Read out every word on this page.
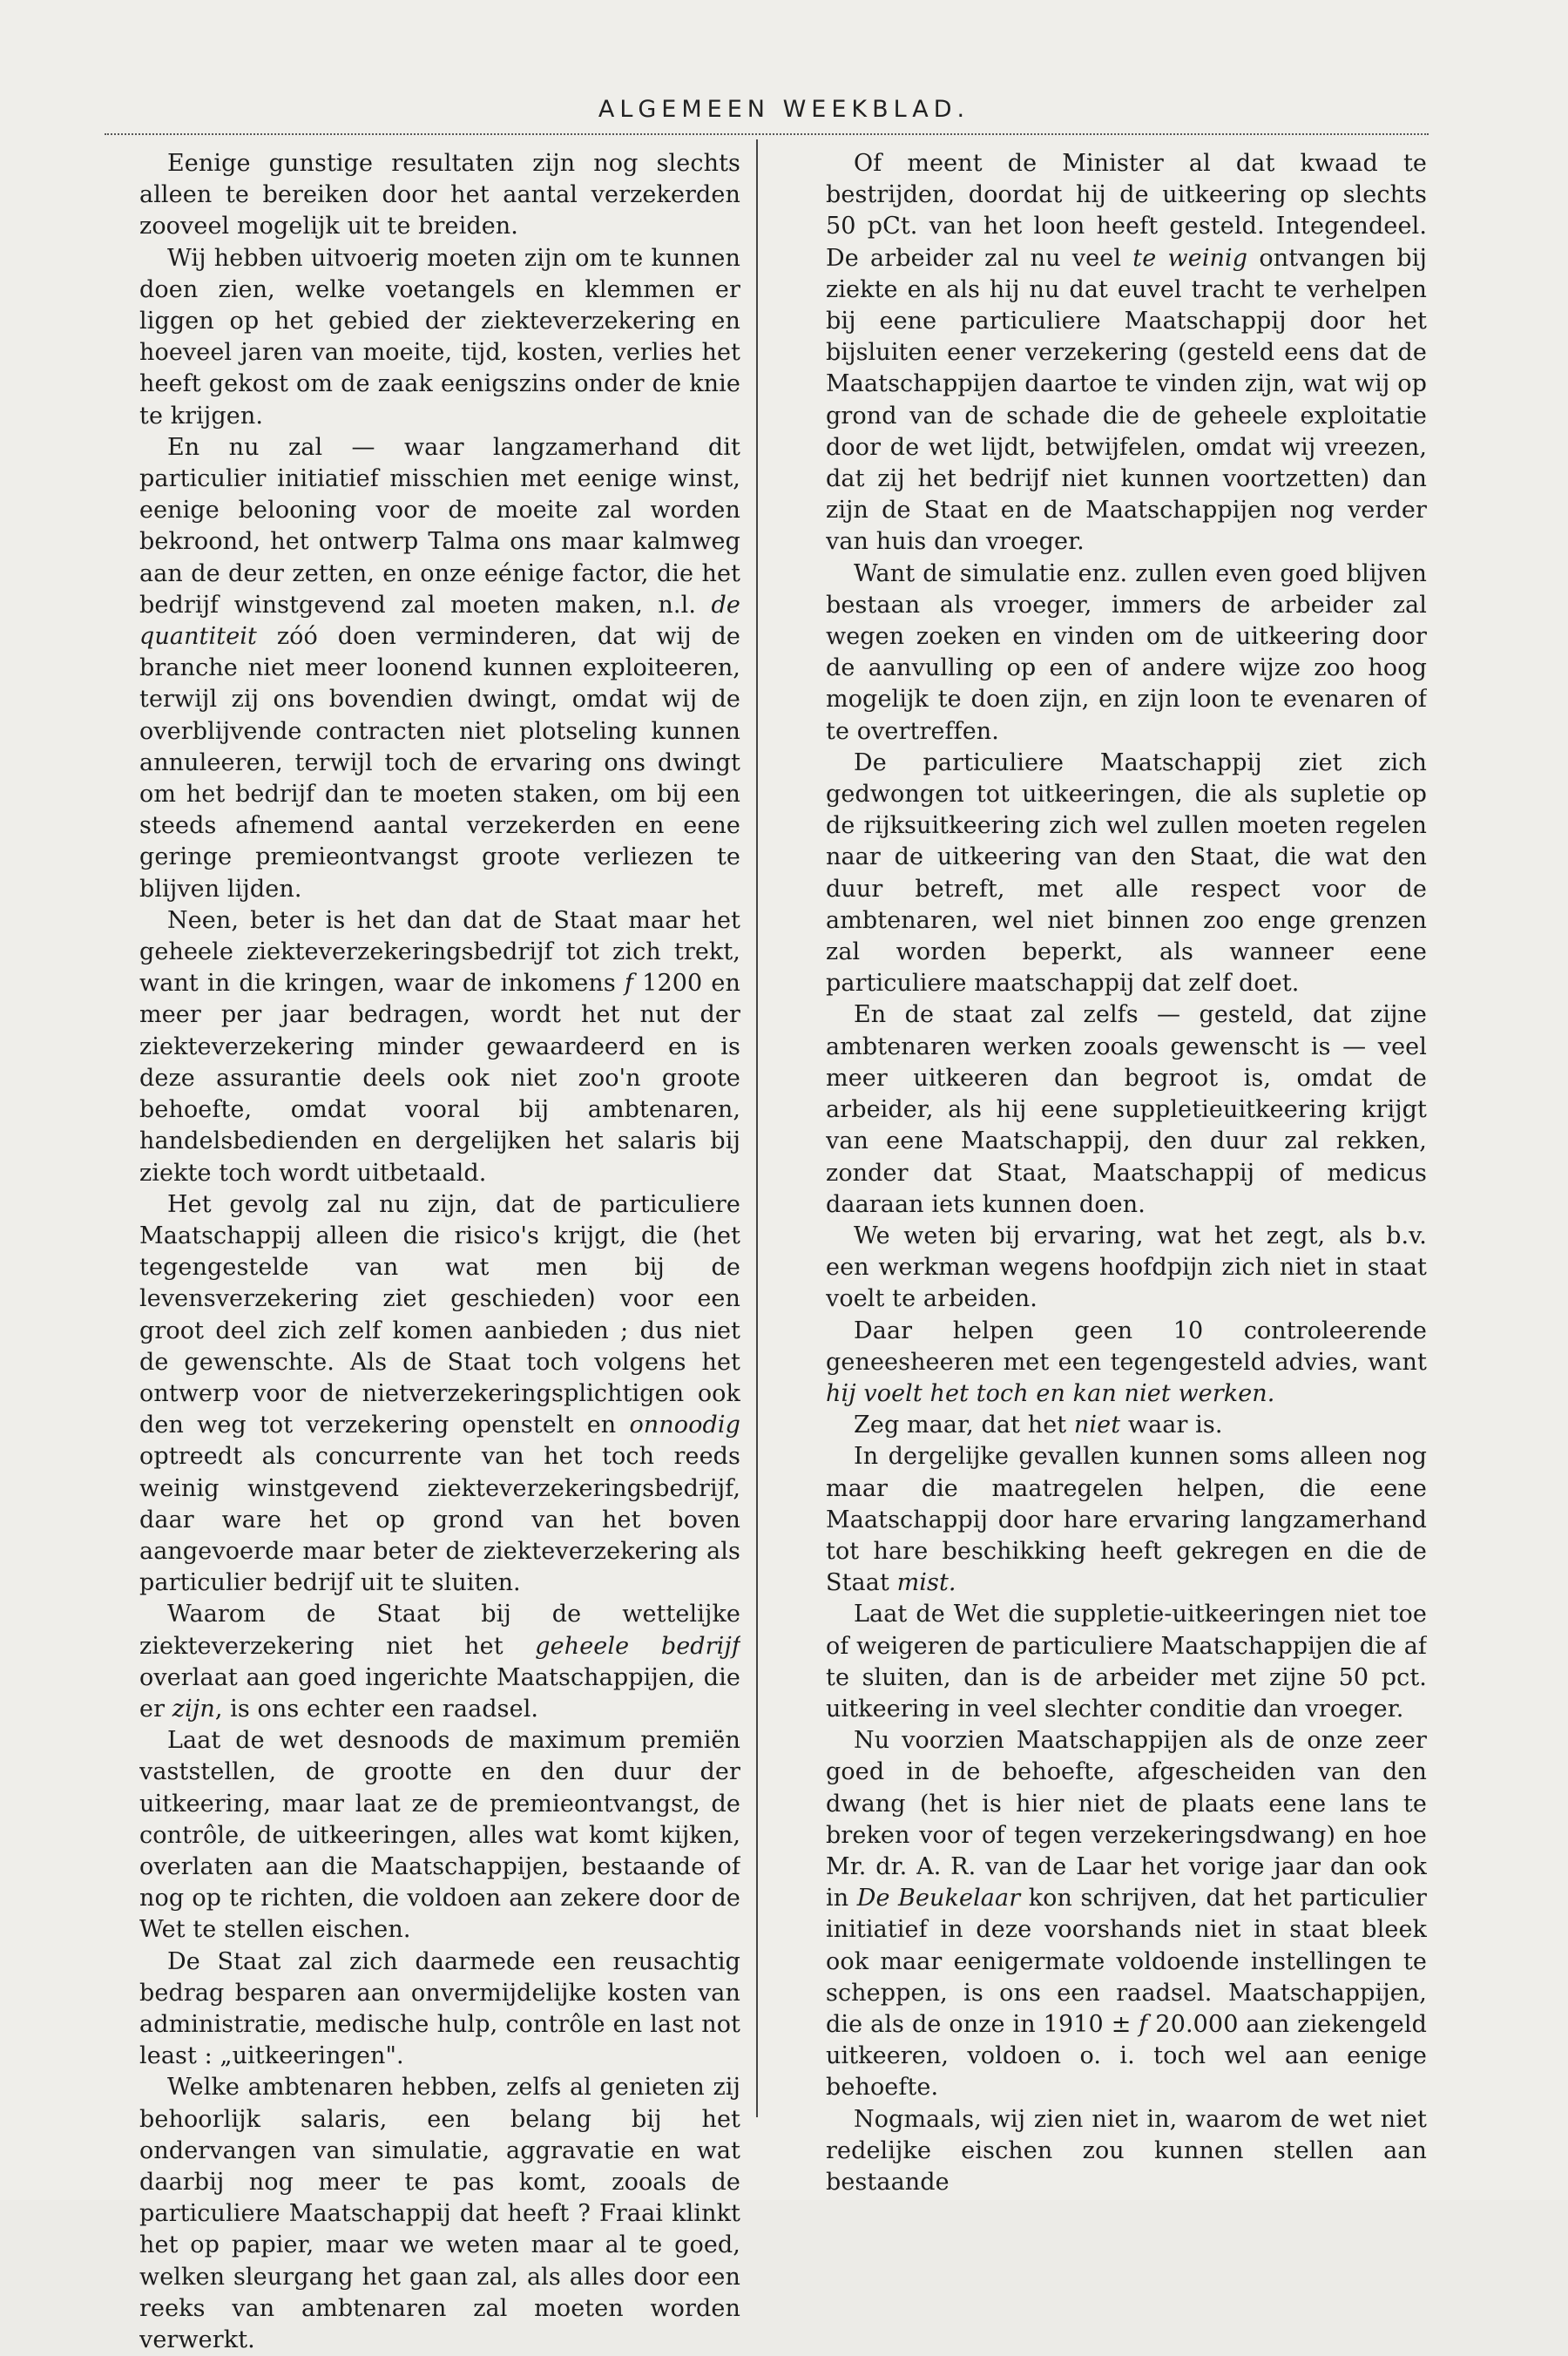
ALGEMEEN WEEKBLAD.

Eenige gunstige resultaten zijn nog slechts alleen te bereiken door het aantal verzekerden zooveel mogelijk uit te breiden.

Wij hebben uitvoerig moeten zijn om te kunnen doen zien, welke voetangels en klemmen er liggen op het gebied der ziekteverzekering en hoeveel jaren van moeite, tijd, kosten, verlies het heeft gekost om de zaak eenigszins onder de knie te krijgen.

En nu zal — waar langzamerhand dit particulier initiatief misschien met eenige winst, eenige belooning voor de moeite zal worden bekroond, het ontwerp Talma ons maar kalmweg aan de deur zetten, en onze eénige factor, die het bedrijf winstgevend zal moeten maken, n.l. de quantiteit zóó doen verminderen, dat wij de branche niet meer loonend kunnen exploiteeren, terwijl zij ons bovendien dwingt, omdat wij de overblijvende contracten niet plotseling kunnen annuleeren, terwijl toch de ervaring ons dwingt om het bedrijf dan te moeten staken, om bij een steeds afnemend aantal verzekerden en eene geringe premieontvangst groote verliezen te blijven lijden.

Neen, beter is het dan dat de Staat maar het geheele ziekteverzekeringsbedrijf tot zich trekt, want in die kringen, waar de inkomens f 1200 en meer per jaar bedragen, wordt het nut der ziekteverzekering minder gewaardeerd en is deze assurantie deels ook niet zoo'n groote behoefte, omdat vooral bij ambtenaren, handelsbedienden en dergelijken het salaris bij ziekte toch wordt uitbetaald.

Het gevolg zal nu zijn, dat de particuliere Maatschappij alleen die risico's krijgt, die (het tegengestelde van wat men bij de levensverzekering ziet geschieden) voor een groot deel zich zelf komen aanbieden ; dus niet de gewenschte. Als de Staat toch volgens het ontwerp voor de nietverzekeringsplichtigen ook den weg tot verzekering openstelt en onnoodig optreedt als concurrente van het toch reeds weinig winstgevend ziekteverzekeringsbedrijf, daar ware het op grond van het boven aangevoerde maar beter de ziekteverzekering als particulier bedrijf uit te sluiten.

Waarom de Staat bij de wettelijke ziekteverzekering niet het geheele bedrijf overlaat aan goed ingerichte Maatschappijen, die er zijn, is ons echter een raadsel.

Laat de wet desnoods de maximum premiën vaststellen, de grootte en den duur der uitkeering, maar laat ze de premieontvangst, de contrôle, de uitkeeringen, alles wat komt kijken, overlaten aan die Maatschappijen, bestaande of nog op te richten, die voldoen aan zekere door de Wet te stellen eischen.

De Staat zal zich daarmede een reusachtig bedrag besparen aan onvermijdelijke kosten van administratie, medische hulp, contrôle en last not least : „uitkeeringen".

Welke ambtenaren hebben, zelfs al genieten zij behoorlijk salaris, een belang bij het ondervangen van simulatie, aggravatie en wat daarbij nog meer te pas komt, zooals de particuliere Maatschappij dat heeft ? Fraai klinkt het op papier, maar we weten maar al te goed, welken sleurgang het gaan zal, als alles door een reeks van ambtenaren zal moeten worden verwerkt.

Of meent de Minister al dat kwaad te bestrijden, doordat hij de uitkeering op slechts 50 pCt. van het loon heeft gesteld. Integendeel. De arbeider zal nu veel te weinig ontvangen bij ziekte en als hij nu dat euvel tracht te verhelpen bij eene particuliere Maatschappij door het bijsluiten eener verzekering (gesteld eens dat de Maatschappijen daartoe te vinden zijn, wat wij op grond van de schade die de geheele exploitatie door de wet lijdt, betwijfelen, omdat wij vreezen, dat zij het bedrijf niet kunnen voortzetten) dan zijn de Staat en de Maatschappijen nog verder van huis dan vroeger.

Want de simulatie enz. zullen even goed blijven bestaan als vroeger, immers de arbeider zal wegen zoeken en vinden om de uitkeering door de aanvulling op een of andere wijze zoo hoog mogelijk te doen zijn, en zijn loon te evenaren of te overtreffen.

De particuliere Maatschappij ziet zich gedwongen tot uitkeeringen, die als supletie op de rijksuitkeering zich wel zullen moeten regelen naar de uitkeering van den Staat, die wat den duur betreft, met alle respect voor de ambtenaren, wel niet binnen zoo enge grenzen zal worden beperkt, als wanneer eene particuliere maatschappij dat zelf doet.

En de staat zal zelfs — gesteld, dat zijne ambtenaren werken zooals gewenscht is — veel meer uitkeeren dan begroot is, omdat de arbeider, als hij eene suppletieuitkeering krijgt van eene Maatschappij, den duur zal rekken, zonder dat Staat, Maatschappij of medicus daaraan iets kunnen doen.

We weten bij ervaring, wat het zegt, als b.v. een werkman wegens hoofdpijn zich niet in staat voelt te arbeiden.

Daar helpen geen 10 controleerende geneesheeren met een tegengesteld advies, want hij voelt het toch en kan niet werken.

Zeg maar, dat het niet waar is.

In dergelijke gevallen kunnen soms alleen nog maar die maatregelen helpen, die eene Maatschappij door hare ervaring langzamerhand tot hare beschikking heeft gekregen en die de Staat mist.

Laat de Wet die suppletie-uitkeeringen niet toe of weigeren de particuliere Maatschappijen die af te sluiten, dan is de arbeider met zijne 50 pct. uitkeering in veel slechter conditie dan vroeger.

Nu voorzien Maatschappijen als de onze zeer goed in de behoefte, afgescheiden van den dwang (het is hier niet de plaats eene lans te breken voor of tegen verzekeringsdwang) en hoe Mr. dr. A. R. van de Laar het vorige jaar dan ook in De Beukelaar kon schrijven, dat het particulier initiatief in deze voorshands niet in staat bleek ook maar eenigermate voldoende instellingen te scheppen, is ons een raadsel. Maatschappijen, die als de onze in 1910 ± f 20.000 aan ziekengeld uitkeeren, voldoen o. i. toch wel aan eenige behoefte.

Nogmaals, wij zien niet in, waarom de wet niet redelijke eischen zou kunnen stellen aan bestaande
